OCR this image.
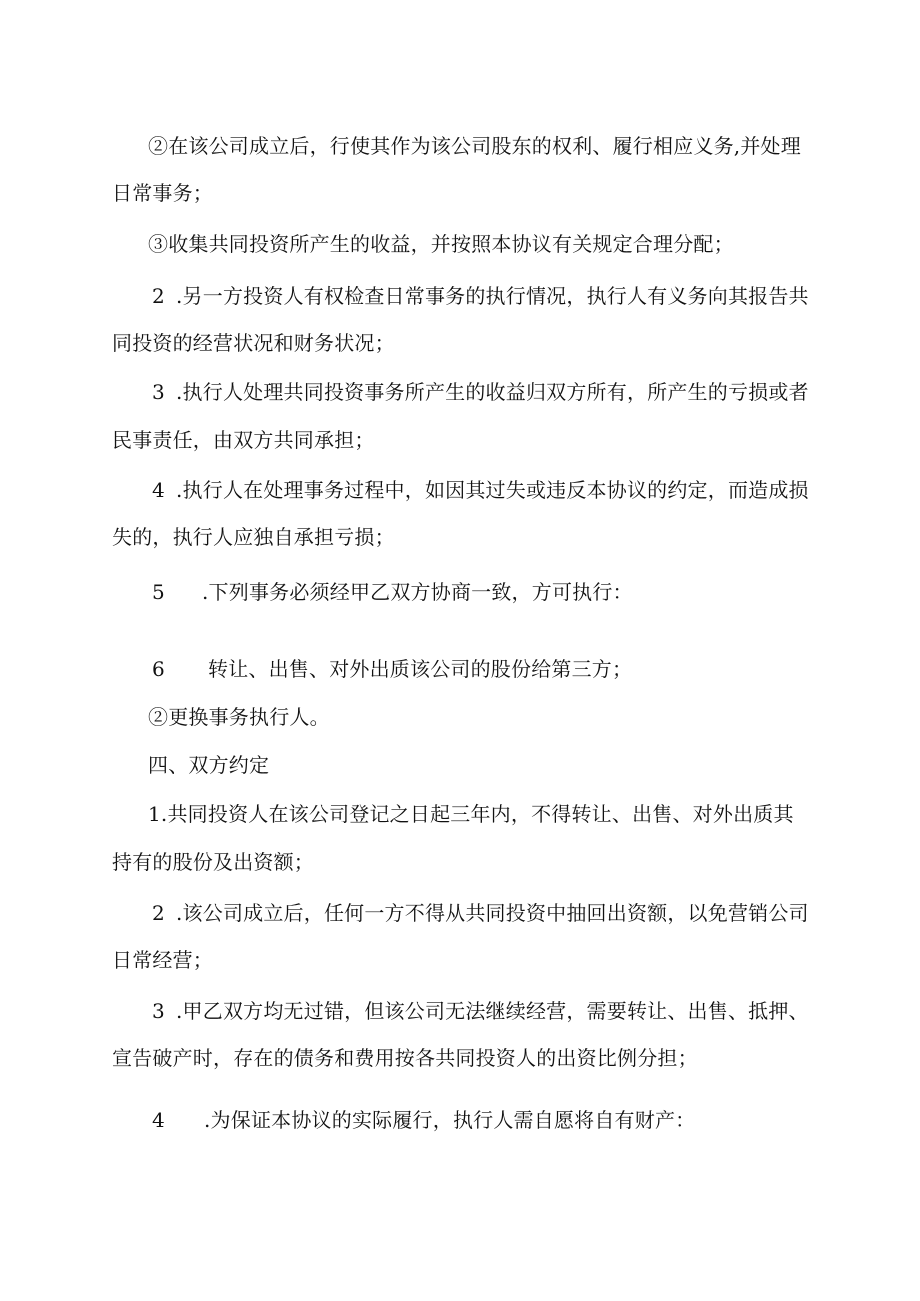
②在该公司成立后，行使其作为该公司股东的权利、履行相应义务,并处理
日常事务；
③收集共同投资所产生的收益，并按照本协议有关规定合理分配；
2 .另一方投资人有权检查日常事务的执行情况，执行人有义务向其报告共
同投资的经营状况和财务状况；
3 .执行人处理共同投资事务所产生的收益归双方所有，所产生的亏损或者
民事责任，由双方共同承担；
4 .执行人在处理事务过程中，如因其过失或违反本协议的约定，而造成损
失的，执行人应独自承担亏损；
5 .下列事务必须经甲乙双方协商一致，方可执行：
6 转让、出售、对外出质该公司的股份给第三方；
②更换事务执行人。
四、双方约定
1.共同投资人在该公司登记之日起三年内，不得转让、出售、对外出质其
持有的股份及出资额；
2 .该公司成立后，任何一方不得从共同投资中抽回出资额，以免营销公司
日常经营；
3 .甲乙双方均无过错，但该公司无法继续经营，需要转让、出售、抵押、
宣告破产时，存在的债务和费用按各共同投资人的出资比例分担；
4 .为保证本协议的实际履行，执行人需自愿将自有财产：
